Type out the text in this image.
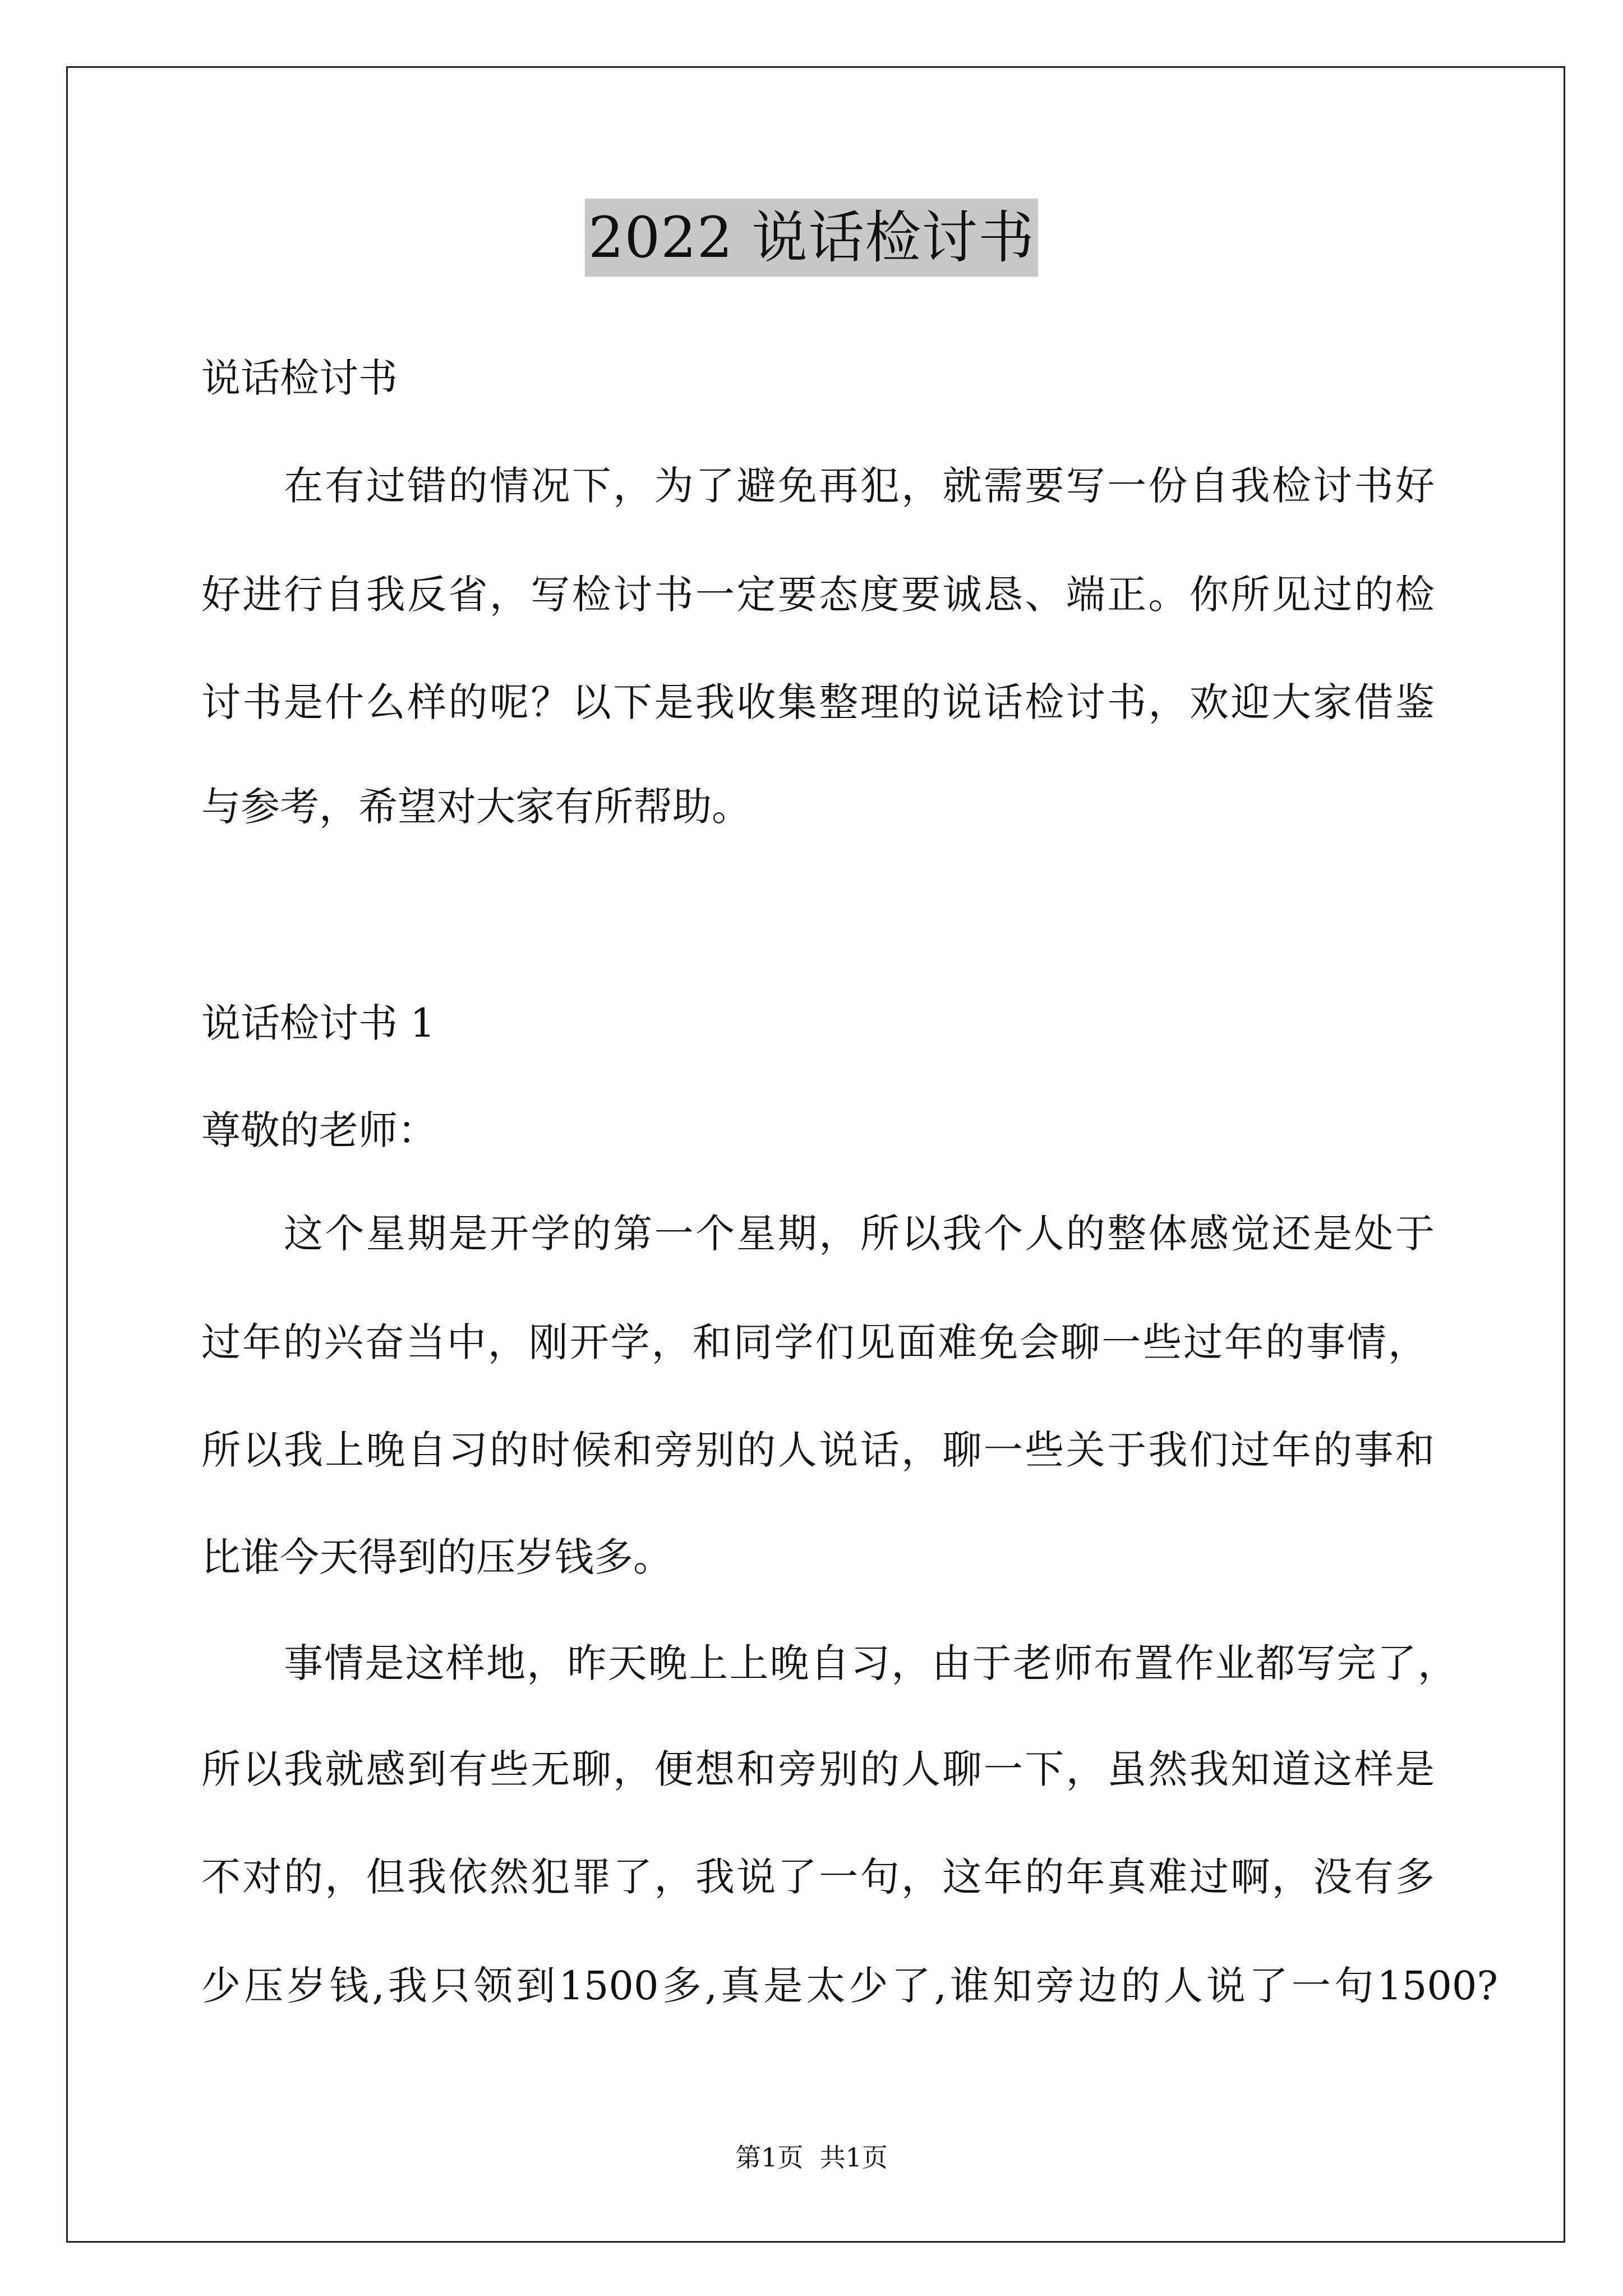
2022 说话检讨书
说话检讨书
在有过错的情况下，为了避免再犯，就需要写一份自我检讨书好
好进行自我反省，写检讨书一定要态度要诚恳、端正。你所见过的检
讨书是什么样的呢？以下是我收集整理的说话检讨书，欢迎大家借鉴
与参考，希望对大家有所帮助。
说话检讨书 1
尊敬的老师：
这个星期是开学的第一个星期，所以我个人的整体感觉还是处于
过年的兴奋当中，刚开学，和同学们见面难免会聊一些过年的事情，
所以我上晚自习的时候和旁别的人说话，聊一些关于我们过年的事和
比谁今天得到的压岁钱多。
事情是这样地，昨天晚上上晚自习，由于老师布置作业都写完了，
所以我就感到有些无聊，便想和旁别的人聊一下，虽然我知道这样是
不对的，但我依然犯罪了，我说了一句，这年的年真难过啊，没有多
少压岁钱,我只领到1500多,真是太少了,谁知旁边的人说了一句1500?
第1页  共1页
